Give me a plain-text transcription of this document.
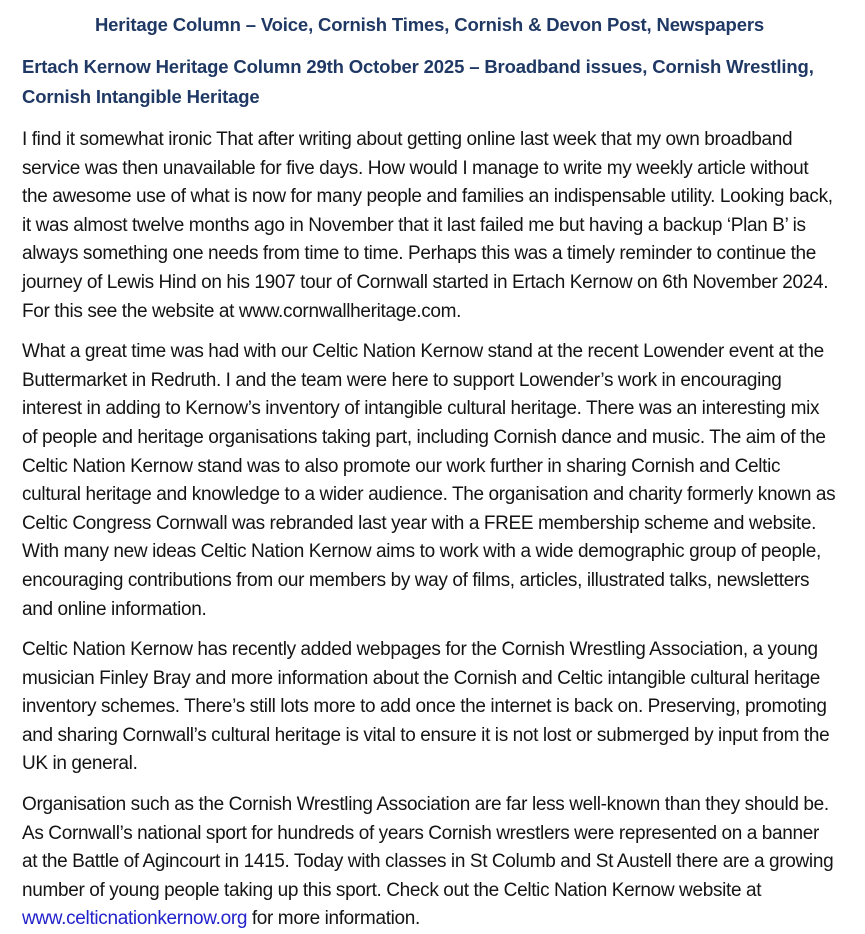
Heritage Column – Voice, Cornish Times, Cornish & Devon Post, Newspapers
Ertach Kernow Heritage Column 29th October 2025 – Broadband issues, Cornish Wrestling, Cornish Intangible Heritage

I find it somewhat ironic That after writing about getting online last week that my own broadband service was then unavailable for five days. How would I manage to write my weekly article without the awesome use of what is now for many people and families an indispensable utility. Looking back, it was almost twelve months ago in November that it last failed me but having a backup ‘Plan B’ is always something one needs from time to time. Perhaps this was a timely reminder to continue the journey of Lewis Hind on his 1907 tour of Cornwall started in Ertach Kernow on 6th November 2024. For this see the website at www.cornwallheritage.com.

What a great time was had with our Celtic Nation Kernow stand at the recent Lowender event at the Buttermarket in Redruth. I and the team were here to support Lowender’s work in encouraging interest in adding to Kernow’s inventory of intangible cultural heritage. There was an interesting mix of people and heritage organisations taking part, including Cornish dance and music. The aim of the Celtic Nation Kernow stand was to also promote our work further in sharing Cornish and Celtic cultural heritage and knowledge to a wider audience. The organisation and charity formerly known as Celtic Congress Cornwall was rebranded last year with a FREE membership scheme and website. With many new ideas Celtic Nation Kernow aims to work with a wide demographic group of people, encouraging contributions from our members by way of films, articles, illustrated talks, newsletters and online information.

Celtic Nation Kernow has recently added webpages for the Cornish Wrestling Association, a young musician Finley Bray and more information about the Cornish and Celtic intangible cultural heritage inventory schemes. There’s still lots more to add once the internet is back on. Preserving, promoting and sharing Cornwall’s cultural heritage is vital to ensure it is not lost or submerged by input from the UK in general.

Organisation such as the Cornish Wrestling Association are far less well-known than they should be. As Cornwall’s national sport for hundreds of years Cornish wrestlers were represented on a banner at the Battle of Agincourt in 1415. Today with classes in St Columb and St Austell there are a growing number of young people taking up this sport. Check out the Celtic Nation Kernow website at www.celticnationkernow.org for more information.
